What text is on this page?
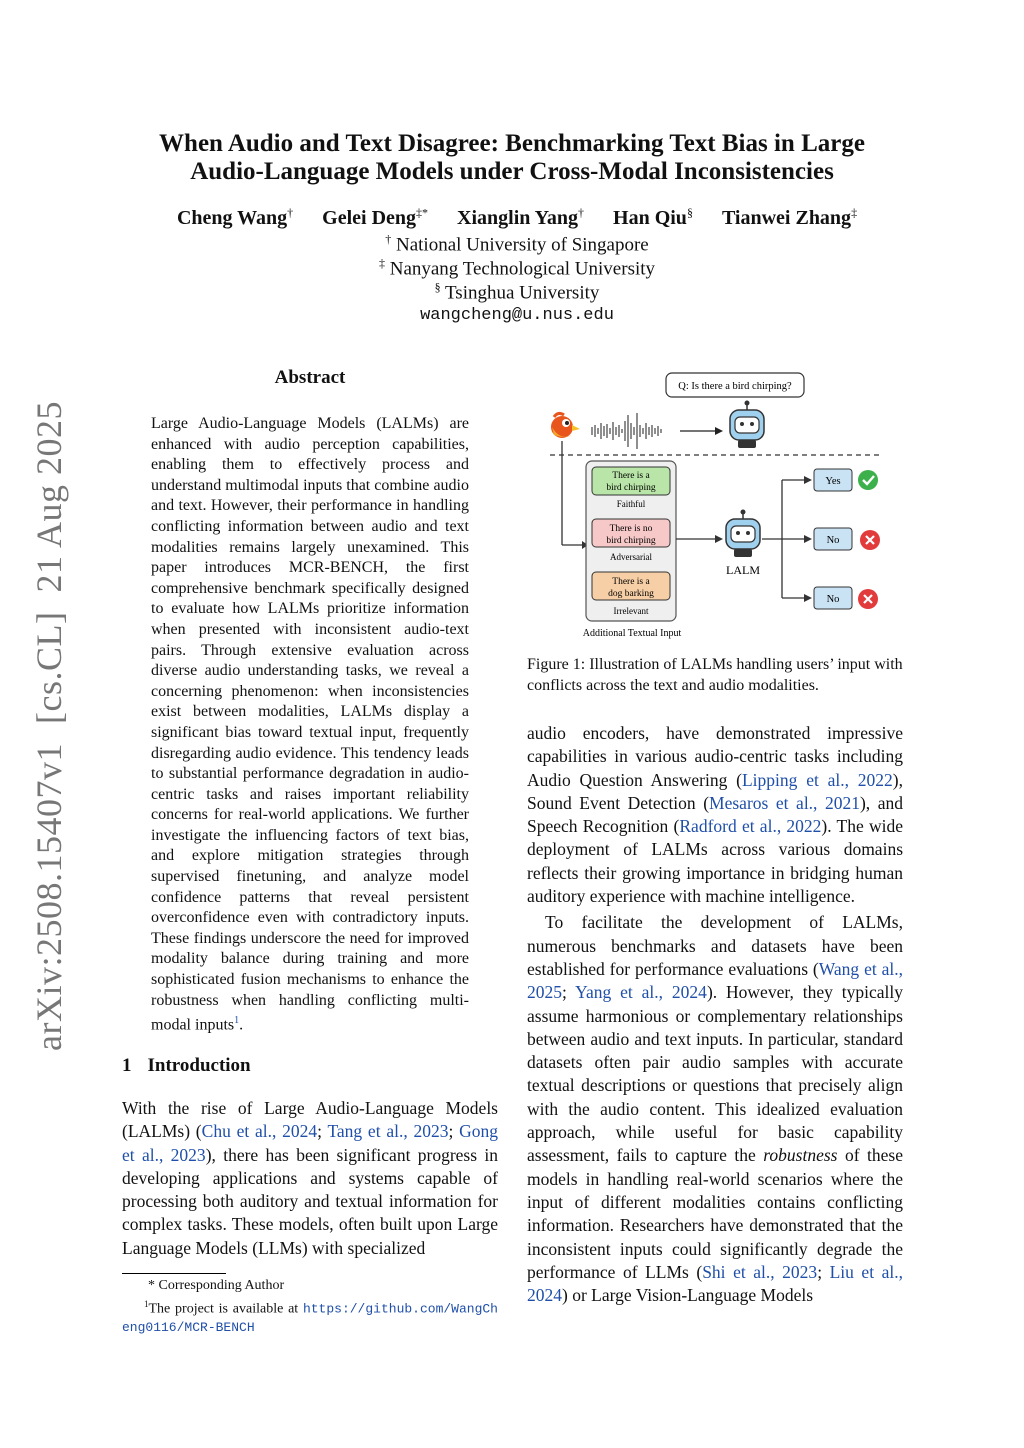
When Audio and Text Disagree: Benchmarking Text Bias in Large
Audio-Language Models under Cross-Modal Inconsistencies
Cheng Wang† Gelei Deng‡* Xianglin Yang† Han Qiu§ Tianwei Zhang‡
† National University of Singapore
‡ Nanyang Technological University
§ Tsinghua University
wangcheng@u.nus.edu
arXiv:2508.15407v1  [cs.CL]  21 Aug 2025
Abstract
Large Audio-Language Models (LALMs) are enhanced with audio perception capabilities, enabling them to effectively process and understand multimodal inputs that combine audio and text. However, their performance in handling conflicting information between audio and text modalities remains largely unexamined. This paper introduces MCR-BENCH, the first comprehensive benchmark specifically designed to evaluate how LALMs prioritize information when presented with inconsistent audio-text pairs. Through extensive evaluation across diverse audio understanding tasks, we reveal a concerning phenomenon: when inconsistencies exist between modalities, LALMs display a significant bias toward textual input, frequently disregarding audio evidence. This tendency leads to substantial performance degradation in audio-centric tasks and raises important reliability concerns for real-world applications. We further investigate the influencing factors of text bias, and explore mitigation strategies through supervised finetuning, and analyze model confidence patterns that reveal persistent overconfidence even with contradictory inputs. These findings underscore the need for improved modality balance during training and more sophisticated fusion mechanisms to enhance the robustness when handling conflicting multi-modal inputs$^1$.
1 Introduction

With the rise of Large Audio-Language Models (LALMs) (Chu et al., 2024; Tang et al., 2023; Gong et al., 2023), there has been significant progress in developing applications and systems capable of processing both auditory and textual information for complex tasks. These models, often built upon Large Language Models (LLMs) with specialized

* Corresponding Author
$^1$The project is available at https://github.com/WangCheng0116/MCR-BENCH
Q: Is there a bird chirping?
There is a
bird chirping
Faithful
There is no
bird chirping
Adversarial
There is a
dog barking
Irrelevant
Additional Textual Input
LALM
Yes
No
No
Figure 1: Illustration of LALMs handling users’ input with conflicts across the text and audio modalities.

audio encoders, have demonstrated impressive capabilities in various audio-centric tasks including Audio Question Answering (Lipping et al., 2022), Sound Event Detection (Mesaros et al., 2021), and Speech Recognition (Radford et al., 2022). The wide deployment of LALMs across various domains reflects their growing importance in bridging human auditory experience with machine intelligence.

To facilitate the development of LALMs, numerous benchmarks and datasets have been established for performance evaluations (Wang et al., 2025; Yang et al., 2024). However, they typically assume harmonious or complementary relationships between audio and text inputs. In particular, standard datasets often pair audio samples with accurate textual descriptions or questions that precisely align with the audio content. This idealized evaluation approach, while useful for basic capability assessment, fails to capture the robustness of these models in handling real-world scenarios where the input of different modalities contains conflicting information. Researchers have demonstrated that the inconsistent inputs could significantly degrade the performance of LLMs (Shi et al., 2023; Liu et al., 2024) or Large Vision-Language Models
